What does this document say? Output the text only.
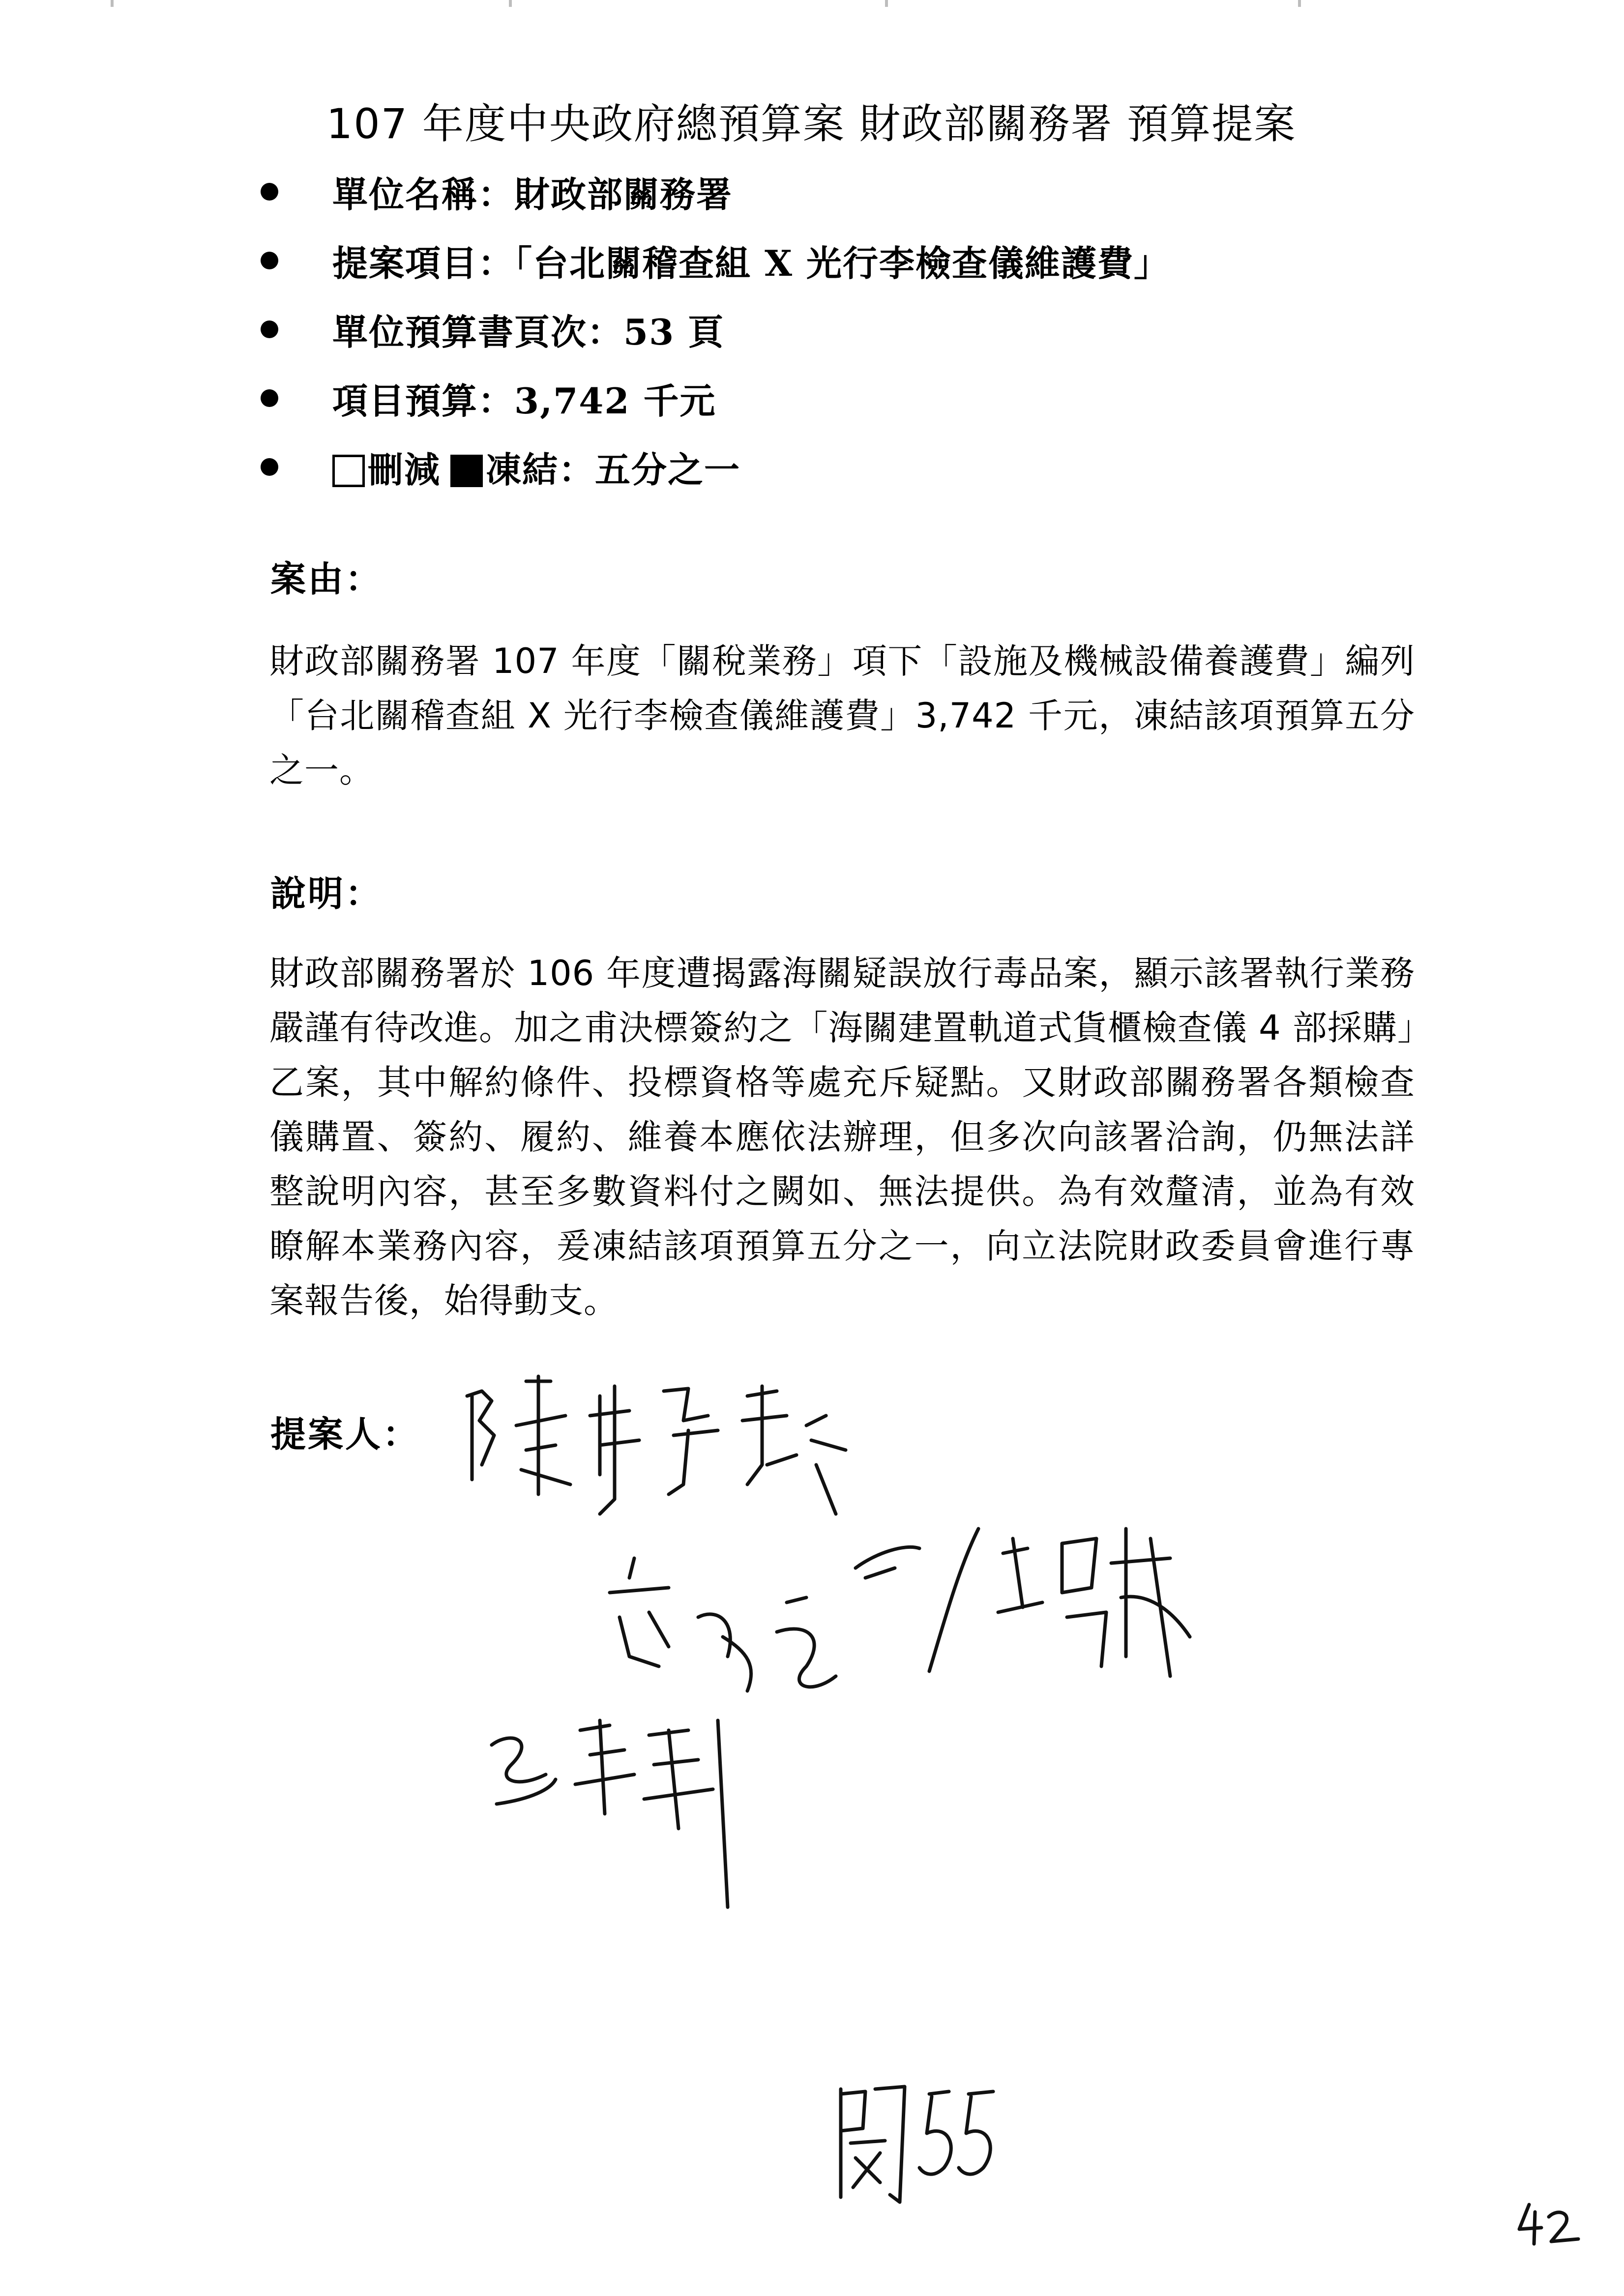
107 年度中央政府總預算案 財政部關務署 預算提案
單位名稱：財政部關務署
提案項目：「台北關稽查組 X 光行李檢查儀維護費」
單位預算書頁次：53 頁
項目預算：3,742 千元
刪減	凍結：五分之一
案由：
財政部關務署 107 年度「關稅業務」項下「設施及機械設備養護費」編列「台北關稽查組 X 光行李檢查儀維護費」3,742 千元，凍結該項預算五分之一。
說明：
財政部關務署於 106 年度遭揭露海關疑誤放行毒品案，顯示該署執行業務嚴謹有待改進。加之甫決標簽約之「海關建置軌道式貨櫃檢查儀 4 部採購」乙案，其中解約條件、投標資格等處充斥疑點。又財政部關務署各類檢查儀購置、簽約、履約、維養本應依法辦理，但多次向該署洽詢，仍無法詳整說明內容，甚至多數資料付之闕如、無法提供。為有效釐清，並為有效瞭解本業務內容，爰凍結該項預算五分之一，向立法院財政委員會進行專案報告後，始得動支。
提案人：
關 55
42
